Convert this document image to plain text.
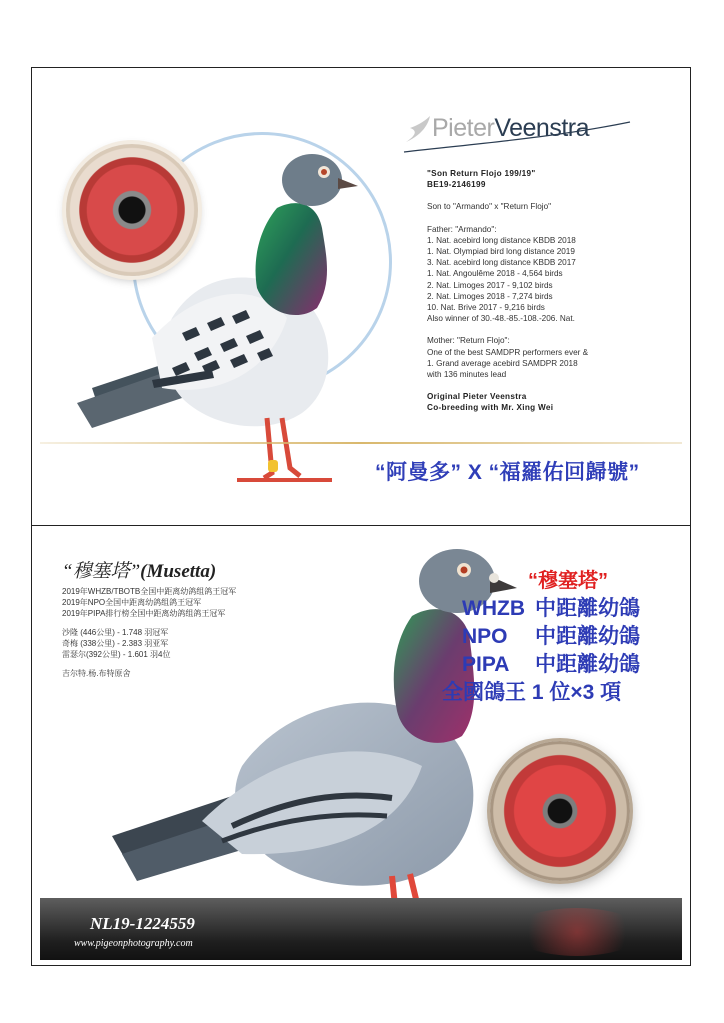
PieterVeenstra
"Son Return Flojo 199/19"
BE19-2146199
Son to "Armando" x "Return Flojo"
Father: "Armando":
1. Nat. acebird long distance KBDB 2018
1. Nat. Olympiad bird long distance 2019
3. Nat. acebird long distance KBDB 2017
1. Nat. Angoulême 2018 - 4,564 birds
2. Nat. Limoges 2017 - 9,102 birds
2. Nat. Limoges 2018 - 7,274 birds
10. Nat. Brive 2017 - 9,216 birds
Also winner of 30.-48.-85.-108.-206. Nat.
Mother: "Return Flojo":
One of the best SAMDPR performers ever &
1. Grand average acebird SAMDPR 2018
with 136 minutes lead
Original Pieter Veenstra
Co-breeding with Mr. Xing Wei
“阿曼多” X “福羅佑回歸號”
“穆塞塔”(Musetta)
2019年WHZB/TBOTB全国中距离幼鸽组鸽王冠军
2019年NPO全国中距离幼鸽组鸽王冠军
2019年PIPA排行榜全国中距离幼鸽组鸽王冠军
沙隆 (446公里) - 1.748 羽冠军
奇梅 (338公里) - 2.383 羽亚军
雷瑟尔(392公里) - 1.601 羽4位
吉尔特.杨.布特原舍
“穆塞塔”
WHZB 中距離幼鴿
NPO 中距離幼鴿
PIPA 中距離幼鴿
全國鴿王 1 位×3 項
NL19-1224559
www.pigeonphotography.com
